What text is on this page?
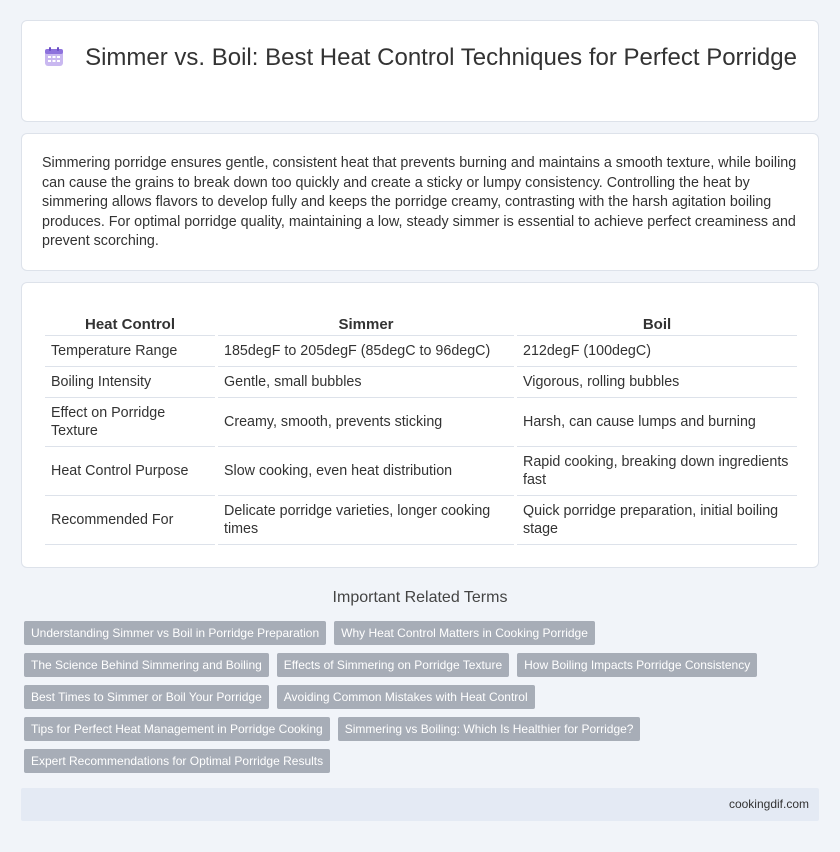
Simmer vs. Boil: Best Heat Control Techniques for Perfect Porridge

Simmering porridge ensures gentle, consistent heat that prevents burning and maintains a smooth texture, while boiling can cause the grains to break down too quickly and create a sticky or lumpy consistency. Controlling the heat by simmering allows flavors to develop fully and keeps the porridge creamy, contrasting with the harsh agitation boiling produces. For optimal porridge quality, maintaining a low, steady simmer is essential to achieve perfect creaminess and prevent scorching.

Heat Control	Simmer	Boil
Temperature Range	185degF to 205degF (85degC to 96degC)	212degF (100degC)
Boiling Intensity	Gentle, small bubbles	Vigorous, rolling bubbles
Effect on Porridge Texture	Creamy, smooth, prevents sticking	Harsh, can cause lumps and burning
Heat Control Purpose	Slow cooking, even heat distribution	Rapid cooking, breaking down ingredients fast
Recommended For	Delicate porridge varieties, longer cooking times	Quick porridge preparation, initial boiling stage
Important Related Terms
Understanding Simmer vs Boil in Porridge Preparation	Why Heat Control Matters in Cooking Porridge
The Science Behind Simmering and Boiling	Effects of Simmering on Porridge Texture	How Boiling Impacts Porridge Consistency
Best Times to Simmer or Boil Your Porridge	Avoiding Common Mistakes with Heat Control
Tips for Perfect Heat Management in Porridge Cooking	Simmering vs Boiling: Which Is Healthier for Porridge?
Expert Recommendations for Optimal Porridge Results
cookingdif.com
